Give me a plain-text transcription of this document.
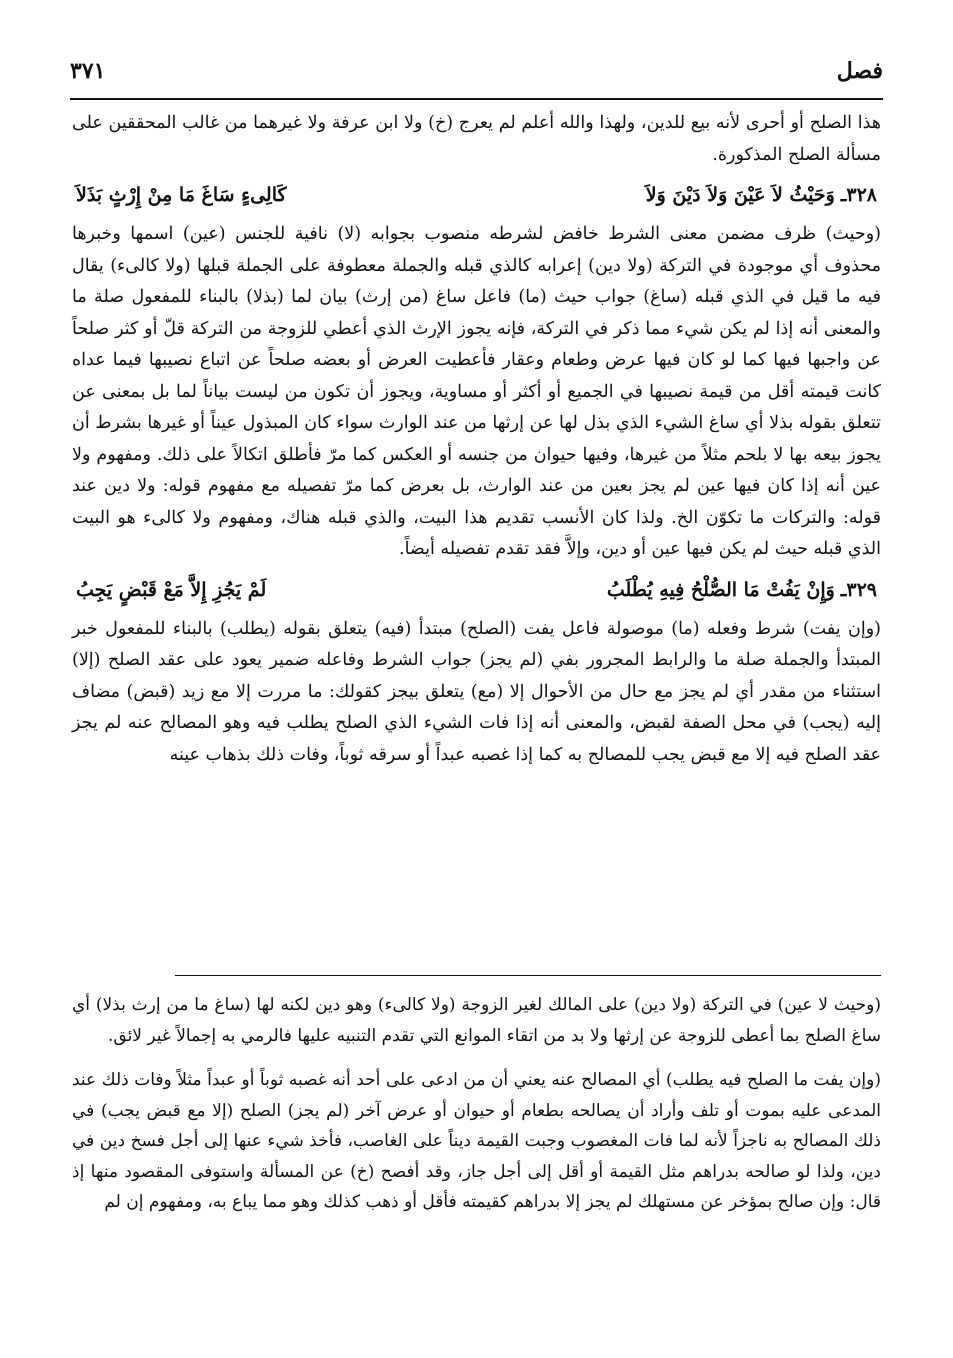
فصل
٣٧١

هذا الصلح أو أحرى لأنه بيع للدين، ولهذا والله أعلم لم يعرج (خ) ولا ابن عرفة ولا غيرهما من غالب المحققين على مسألة الصلح المذكورة.

٣٢٨ـ
وَحَيْثُ لاَ عَيْنَ وَلاَ دَيْنَ وَلاَ
كَالِىءٍ سَاغَ مَا مِنْ إِرْثٍ بَذَلاَ

(وحيث) ظرف مضمن معنى الشرط خافض لشرطه منصوب بجوابه (لا) نافية للجنس (عين) اسمها وخبرها محذوف أي موجودة في التركة (ولا دين) إعرابه كالذي قبله والجملة معطوفة على الجملة قبلها (ولا كالىء) يقال فيه ما قيل في الذي قبله (ساغ) جواب حيث (ما) فاعل ساغ (من إرث) بيان لما (بذلا) بالبناء للمفعول صلة ما والمعنى أنه إذا لم يكن شيء مما ذكر في التركة، فإنه يجوز الإرث الذي أعطي للزوجة من التركة قلّ أو كثر صلحاً عن واجبها فيها كما لو كان فيها عرض وطعام وعقار فأعطيت العرض أو بعضه صلحاً عن اتباع نصيبها فيما عداه كانت قيمته أقل من قيمة نصيبها في الجميع أو أكثر أو مساوية، ويجوز أن تكون من ليست بياناً لما بل بمعنى عن تتعلق بقوله بذلا أي ساغ الشيء الذي بذل لها عن إرثها من عند الوارث سواء كان المبذول عيناً أو غيرها بشرط أن يجوز بيعه بها لا بلحم مثلاً من غيرها، وفيها حيوان من جنسه أو العكس كما مرّ فأطلق اتكالاً على ذلك. ومفهوم ولا عين أنه إذا كان فيها عين لم يجز بعين من عند الوارث، بل بعرض كما مرّ تفصيله مع مفهوم قوله: ولا دين عند قوله: والتركات ما تكوّن الخ. ولذا كان الأنسب تقديم هذا البيت، والذي قبله هناك، ومفهوم ولا كالىء هو البيت الذي قبله حيث لم يكن فيها عين أو دين، وإلاَّ فقد تقدم تفصيله أيضاً.

٣٢٩ـ
وَإِنْ يَفُتْ مَا الصُّلْحُ فِيهِ يُطْلَبُ
لَمْ يَجُزِ إِلاَّ مَعْ قَبْضٍ يَجِبُ

(وإن يفت) شرط وفعله (ما) موصولة فاعل يفت (الصلح) مبتدأ (فيه) يتعلق بقوله (يطلب) بالبناء للمفعول خبر المبتدأ والجملة صلة ما والرابط المجرور بفي (لم يجز) جواب الشرط وفاعله ضمير يعود على عقد الصلح (إلا) استثناء من مقدر أي لم يجز مع حال من الأحوال إلا (مع) يتعلق بيجز كقولك: ما مررت إلا مع زيد (قبض) مضاف إليه (يجب) في محل الصفة لقبض، والمعنى أنه إذا فات الشيء الذي الصلح يطلب فيه وهو المصالح عنه لم يجز عقد الصلح فيه إلا مع قبض يجب للمصالح به كما إذا غصبه عبداً أو سرقه ثوباً، وفات ذلك بذهاب عينه

(وحيث لا عين) في التركة (ولا دين) على المالك لغير الزوجة (ولا كالىء) وهو دين لكنه لها (ساغ ما من إرث بذلا) أي ساغ الصلح بما أعطى للزوجة عن إرثها ولا بد من اتقاء الموانع التي تقدم التنبيه عليها فالرمي به إجمالاً غير لائق.

(وإن يفت ما الصلح فيه يطلب) أي المصالح عنه يعني أن من ادعى على أحد أنه غصبه ثوباً أو عبداً مثلاً وفات ذلك عند المدعى عليه بموت أو تلف وأراد أن يصالحه بطعام أو حيوان أو عرض آخر (لم يجز) الصلح (إلا مع قبض يجب) في ذلك المصالح به ناجزاً لأنه لما فات المغصوب وجبت القيمة ديناً على الغاصب، فأخذ شيء عنها إلى أجل فسخ دين في دين، ولذا لو صالحه بدراهم مثل القيمة أو أقل إلى أجل جاز، وقد أفصح (خ) عن المسألة واستوفى المقصود منها إذ قال: وإن صالح بمؤخر عن مستهلك لم يجز إلا بدراهم كقيمته فأقل أو ذهب كذلك وهو مما يباع به، ومفهوم إن لم
